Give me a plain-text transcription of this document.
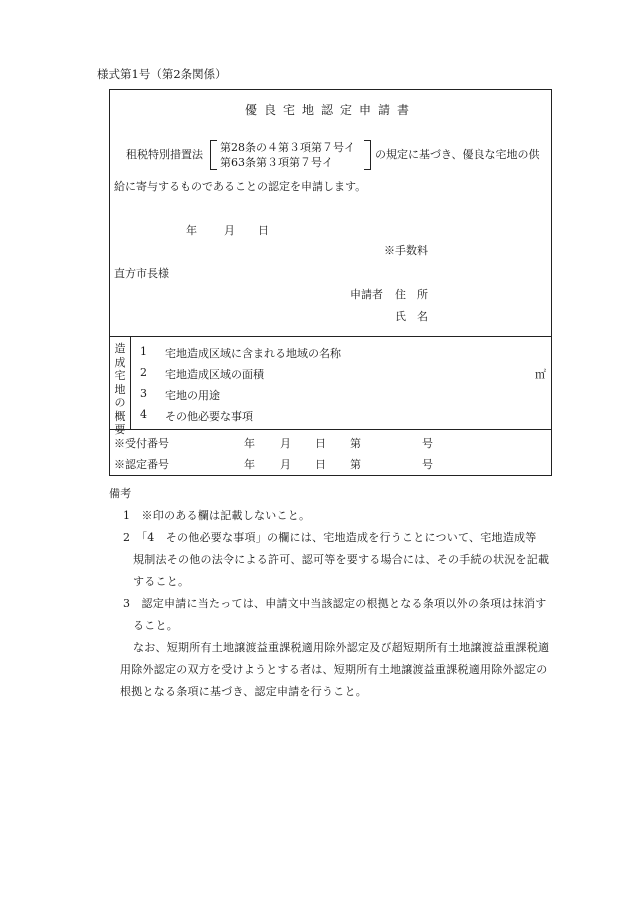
様式第1号（第2条関係）
優良宅地認定申請書
租税特別措置法
第28条の４第３項第７号イ
第63条第３項第７号イ
の規定に基づき、優良な宅地の供
給に寄与するものであることの認定を申請します。
年 月 日
※手数料
直方市長様
申請者 住　所
氏　名
造成宅地の概要
1 宅地造成区域に含まれる地域の名称
2 宅地造成区域の面積	㎡
3 宅地の用途
4 その他必要な事項
※受付番号	年 月 日 第	号
※認定番号	年 月 日 第	号
備考
1　※印のある欄は記載しないこと。
2　「4　その他必要な事項」の欄には、宅地造成を行うことについて、宅地造成等
規制法その他の法令による許可、認可等を要する場合には、その手続の状況を記載
すること。
3　認定申請に当たっては、申請文中当該認定の根拠となる条項以外の条項は抹消す
ること。
なお、短期所有土地譲渡益重課税適用除外認定及び超短期所有土地譲渡益重課税適
用除外認定の双方を受けようとする者は、短期所有土地譲渡益重課税適用除外認定の
根拠となる条項に基づき、認定申請を行うこと。
